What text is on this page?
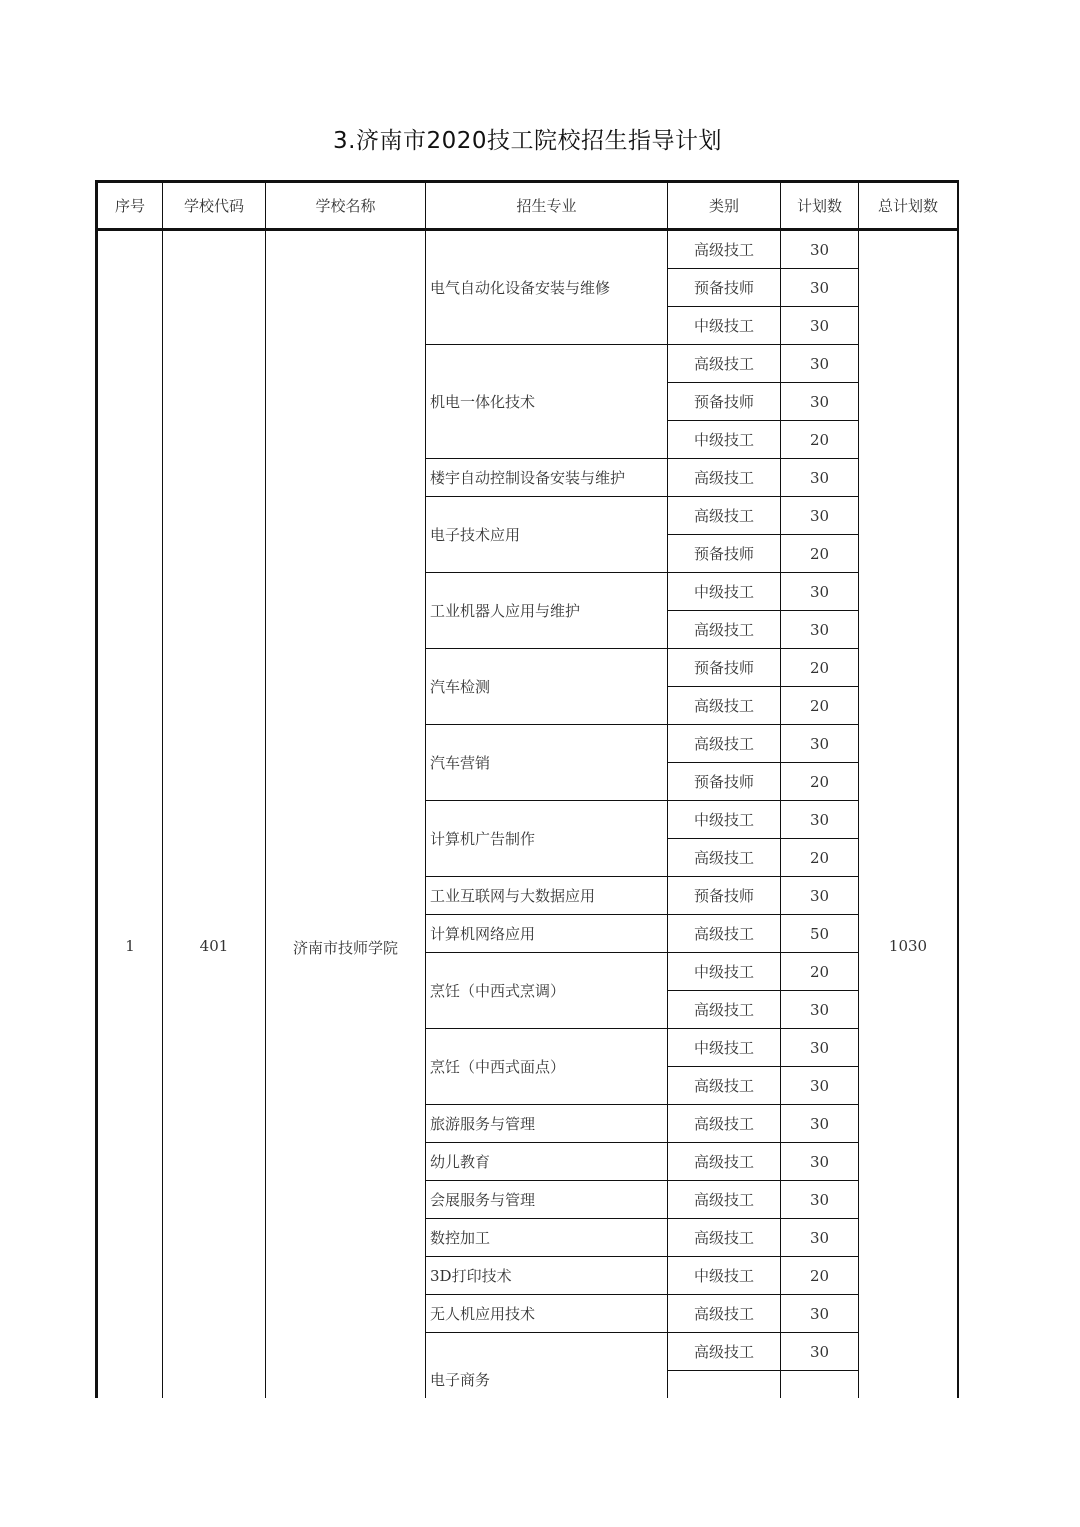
3.济南市2020技工院校招生指导计划
序号	学校代码	学校名称	招生专业	类别	计划数	总计划数
1	401	济南市技师学院	电气自动化设备安装与维修	高级技工	30	1030
				预备技师	30	
				中级技工	30	
			机电一体化技术	高级技工	30	
				预备技师	30	
				中级技工	20	
			楼宇自动控制设备安装与维护	高级技工	30	
			电子技术应用	高级技工	30	
				预备技师	20	
			工业机器人应用与维护	中级技工	30	
				高级技工	30	
			汽车检测	预备技师	20	
				高级技工	20	
			汽车营销	高级技工	30	
				预备技师	20	
			计算机广告制作	中级技工	30	
				高级技工	20	
			工业互联网与大数据应用	预备技师	30	
			计算机网络应用	高级技工	50	
			烹饪（中西式烹调）	中级技工	20	
				高级技工	30	
			烹饪（中西式面点）	中级技工	30	
				高级技工	30	
			旅游服务与管理	高级技工	30	
			幼儿教育	高级技工	30	
			会展服务与管理	高级技工	30	
			数控加工	高级技工	30	
			3D打印技术	中级技工	20	
			无人机应用技术	高级技工	30	
			电子商务	高级技工	30	
